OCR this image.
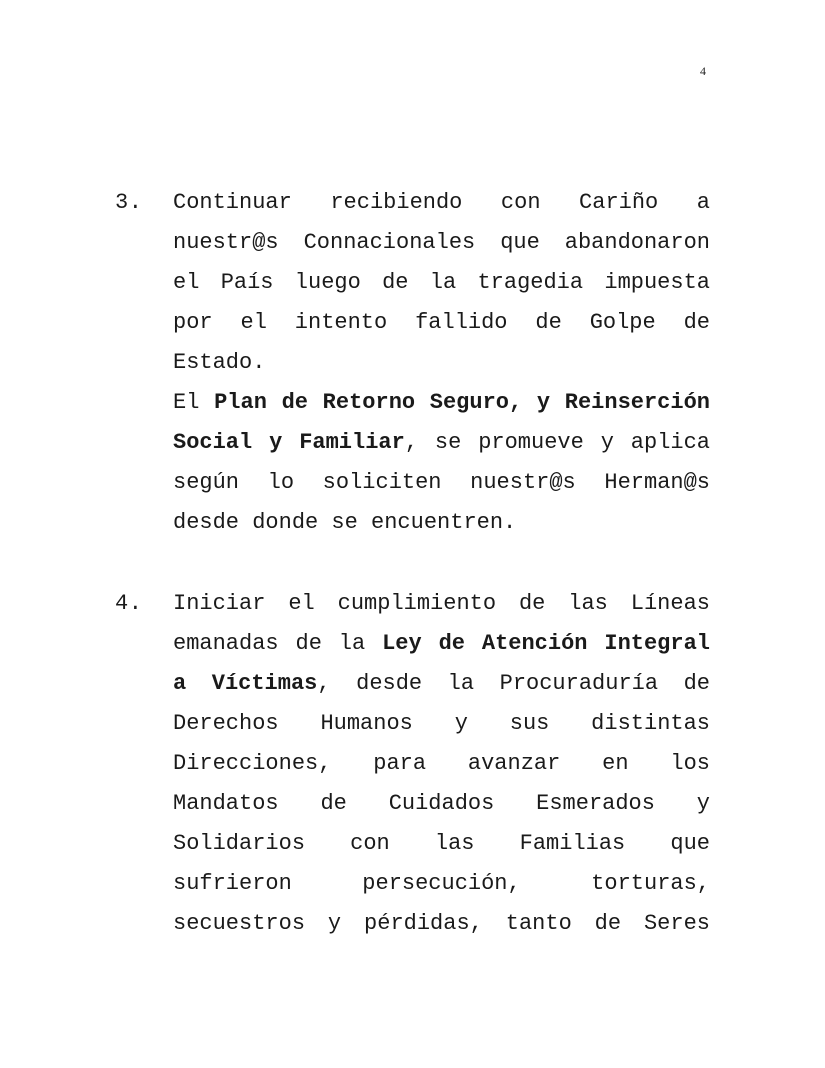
4
3. Continuar recibiendo con Cariño a nuestr@s Connacionales que abandonaron el País luego de la tragedia impuesta por el intento fallido de Golpe de Estado.
El Plan de Retorno Seguro, y Reinserción Social y Familiar, se promueve y aplica según lo soliciten nuestr@s Herman@s desde donde se encuentren.
4. Iniciar el cumplimiento de las Líneas emanadas de la Ley de Atención Integral a Víctimas, desde la Procuraduría de Derechos Humanos y sus distintas Direcciones, para avanzar en los Mandatos de Cuidados Esmerados y Solidarios con las Familias que sufrieron persecución, torturas, secuestros y pérdidas, tanto de Seres
